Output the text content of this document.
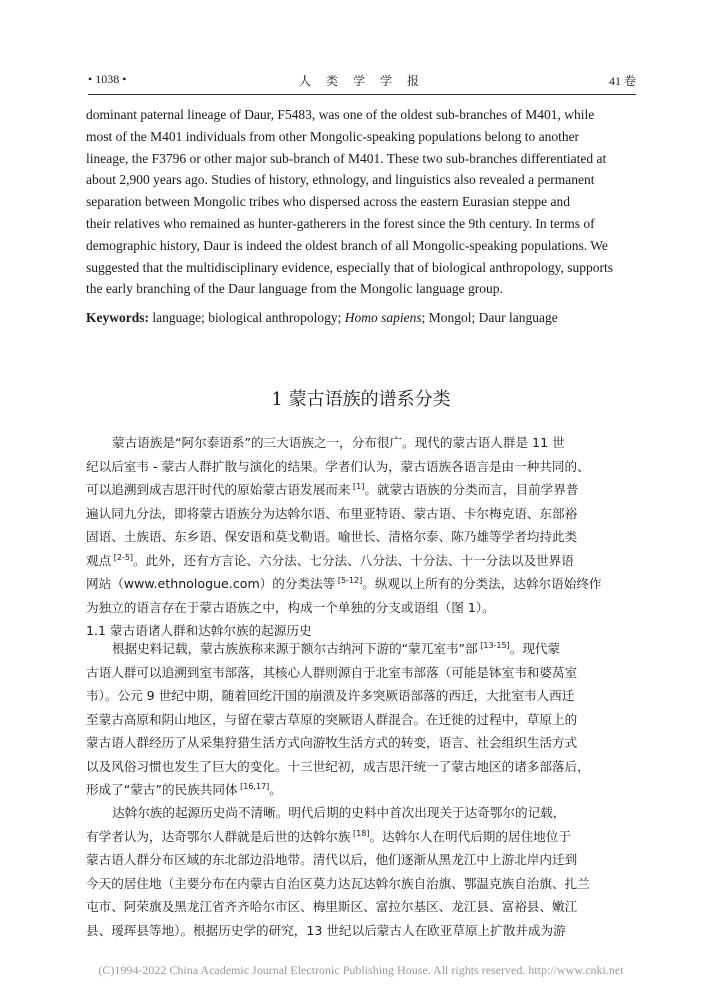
• 1038 •	人 类 学 学 报	41 卷
dominant paternal lineage of Daur, F5483, was one of the oldest sub-branches of M401, while
most of the M401 individuals from other Mongolic-speaking populations belong to another
lineage, the F3796 or other major sub-branch of M401. These two sub-branches differentiated at
about 2,900 years ago. Studies of history, ethnology, and linguistics also revealed a permanent
separation between Mongolic tribes who dispersed across the eastern Eurasian steppe and
their relatives who remained as hunter-gatherers in the forest since the 9th century. In terms of
demographic history, Daur is indeed the oldest branch of all Mongolic-speaking populations. We
suggested that the multidisciplinary evidence, especially that of biological anthropology, supports
the early branching of the Daur language from the Mongolic language group.
Keywords: language; biological anthropology; Homo sapiens; Mongol; Daur language
1 蒙古语族的谱系分类
蒙古语族是“阿尔泰语系”的三大语族之一，分布很广。现代的蒙古语人群是 11 世
纪以后室韦 - 蒙古人群扩散与演化的结果。学者们认为，蒙古语族各语言是由一种共同的、
可以追溯到成吉思汗时代的原始蒙古语发展而来 [1]。就蒙古语族的分类而言，目前学界普
遍认同九分法，即将蒙古语族分为达斡尔语、布里亚特语、蒙古语、卡尔梅克语、东部裕
固语、土族语、东乡语、保安语和莫戈勒语。喻世长、清格尔泰、陈乃雄等学者均持此类
观点 [2-5]。此外，还有方言论、六分法、七分法、八分法、十分法、十一分法以及世界语
网站（www.ethnologue.com）的分类法等 [5-12]。纵观以上所有的分类法，达斡尔语始终作
为独立的语言存在于蒙古语族之中，构成一个单独的分支或语组（图 1）。
1.1 蒙古语诸人群和达斡尔族的起源历史
根据史料记载，蒙古族族称来源于额尔古纳河下游的“蒙兀室韦”部 [13-15]。现代蒙
古语人群可以追溯到室韦部落，其核心人群则源自于北室韦部落（可能是钵室韦和婆莴室
韦）。公元 9 世纪中期，随着回纥汗国的崩溃及许多突厥语部落的西迁，大批室韦人西迁
至蒙古高原和阴山地区，与留在蒙古草原的突厥语人群混合。在迁徙的过程中，草原上的
蒙古语人群经历了从采集狩猎生活方式向游牧生活方式的转变，语言、社会组织生活方式
以及风俗习惯也发生了巨大的变化。十三世纪初，成吉思汗统一了蒙古地区的诸多部落后，
形成了“蒙古”的民族共同体 [16,17]。
达斡尔族的起源历史尚不清晰。明代后期的史料中首次出现关于达奇鄂尔的记载，
有学者认为，达奇鄂尔人群就是后世的达斡尔族 [18]。达斡尔人在明代后期的居住地位于
蒙古语人群分布区域的东北部边沿地带。清代以后，他们逐渐从黑龙江中上游北岸内迁到
今天的居住地（主要分布在内蒙古自治区莫力达瓦达斡尔族自治旗、鄂温克族自治旗、扎兰
屯市、阿荣旗及黑龙江省齐齐哈尔市区、梅里斯区、富拉尔基区、龙江县、富裕县、嫩江
县、瑷珲县等地）。根据历史学的研究，13 世纪以后蒙古人在欧亚草原上扩散并成为游
(C)1994-2022 China Academic Journal Electronic Publishing House. All rights reserved. http://www.cnki.net
